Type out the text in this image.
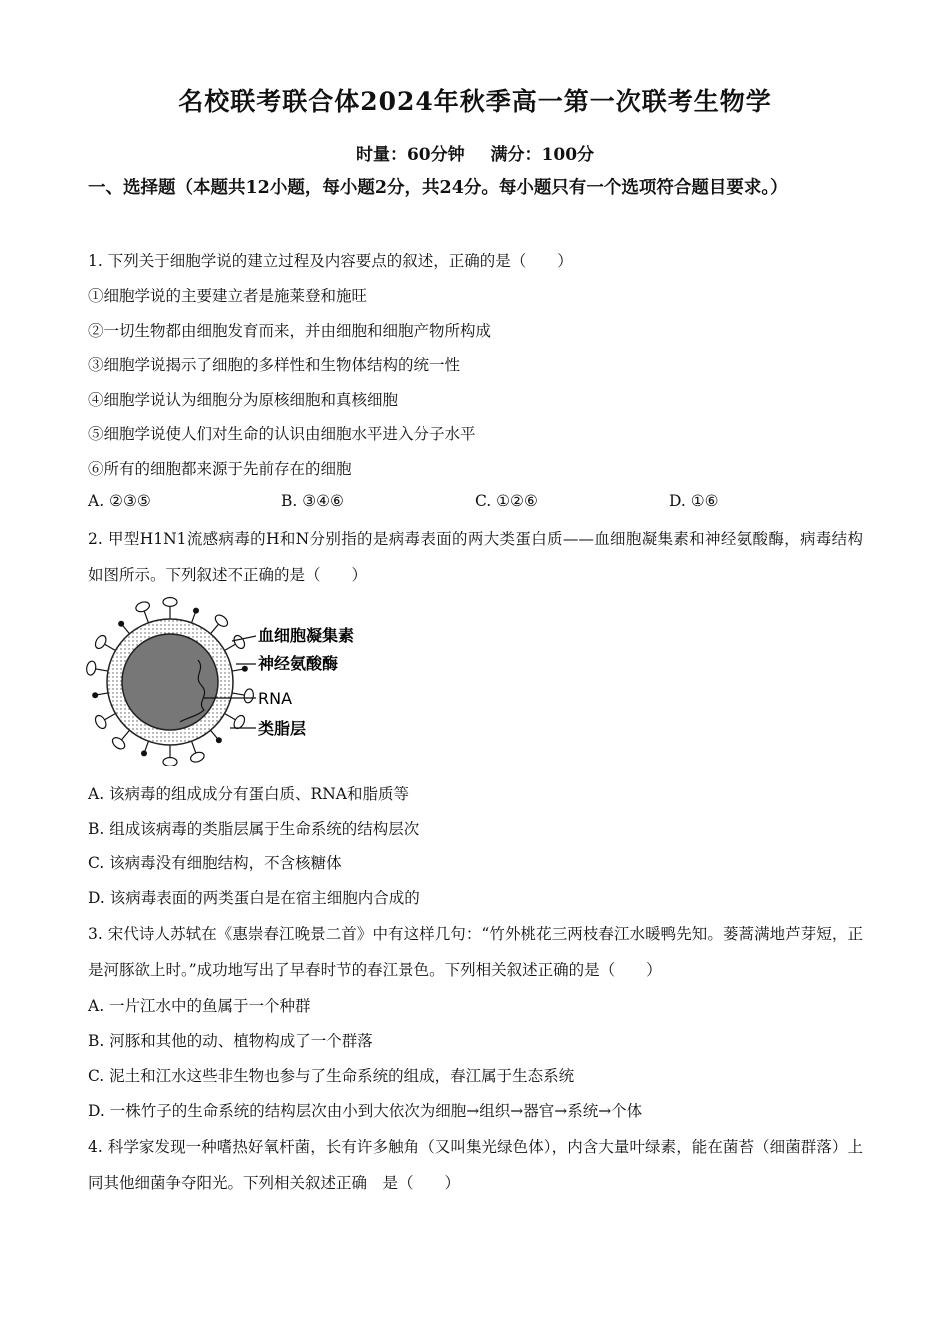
名校联考联合体2024年秋季高一第一次联考生物学
时量：60分钟 满分：100分
一、选择题（本题共12小题，每小题2分，共24分。每小题只有一个选项符合题目要求。）
1. 下列关于细胞学说的建立过程及内容要点的叙述，正确的是（　　）
①细胞学说的主要建立者是施莱登和施旺
②一切生物都由细胞发育而来，并由细胞和细胞产物所构成
③细胞学说揭示了细胞的多样性和生物体结构的统一性
④细胞学说认为细胞分为原核细胞和真核细胞
⑤细胞学说使人们对生命的认识由细胞水平进入分子水平
⑥所有的细胞都来源于先前存在的细胞
A. ②③⑤	B. ③④⑥	C. ①②⑥	D. ①⑥
2. 甲型H1N1流感病毒的H和N分别指的是病毒表面的两大类蛋白质——血细胞凝集素和神经氨酸酶，病毒结构如图所示。下列叙述不正确的是（　　）
血细胞凝集素
神经氨酸酶
RNA
类脂层
A. 该病毒的组成成分有蛋白质、RNA和脂质等
B. 组成该病毒的类脂层属于生命系统的结构层次
C. 该病毒没有细胞结构，不含核糖体
D. 该病毒表面的两类蛋白是在宿主细胞内合成的
3. 宋代诗人苏轼在《惠崇春江晚景二首》中有这样几句：“竹外桃花三两枝春江水暖鸭先知。蒌蒿满地芦芽短，正是河豚欲上时。”成功地写出了早春时节的春江景色。下列相关叙述正确的是（　　）
A. 一片江水中的鱼属于一个种群
B. 河豚和其他的动、植物构成了一个群落
C. 泥土和江水这些非生物也参与了生命系统的组成，春江属于生态系统
D. 一株竹子的生命系统的结构层次由小到大依次为细胞→组织→器官→系统→个体
4. 科学家发现一种嗜热好氧杆菌，长有许多触角（又叫集光绿色体），内含大量叶绿素，能在菌苔（细菌群落）上同其他细菌争夺阳光。下列相关叙述正确　是（　　）
